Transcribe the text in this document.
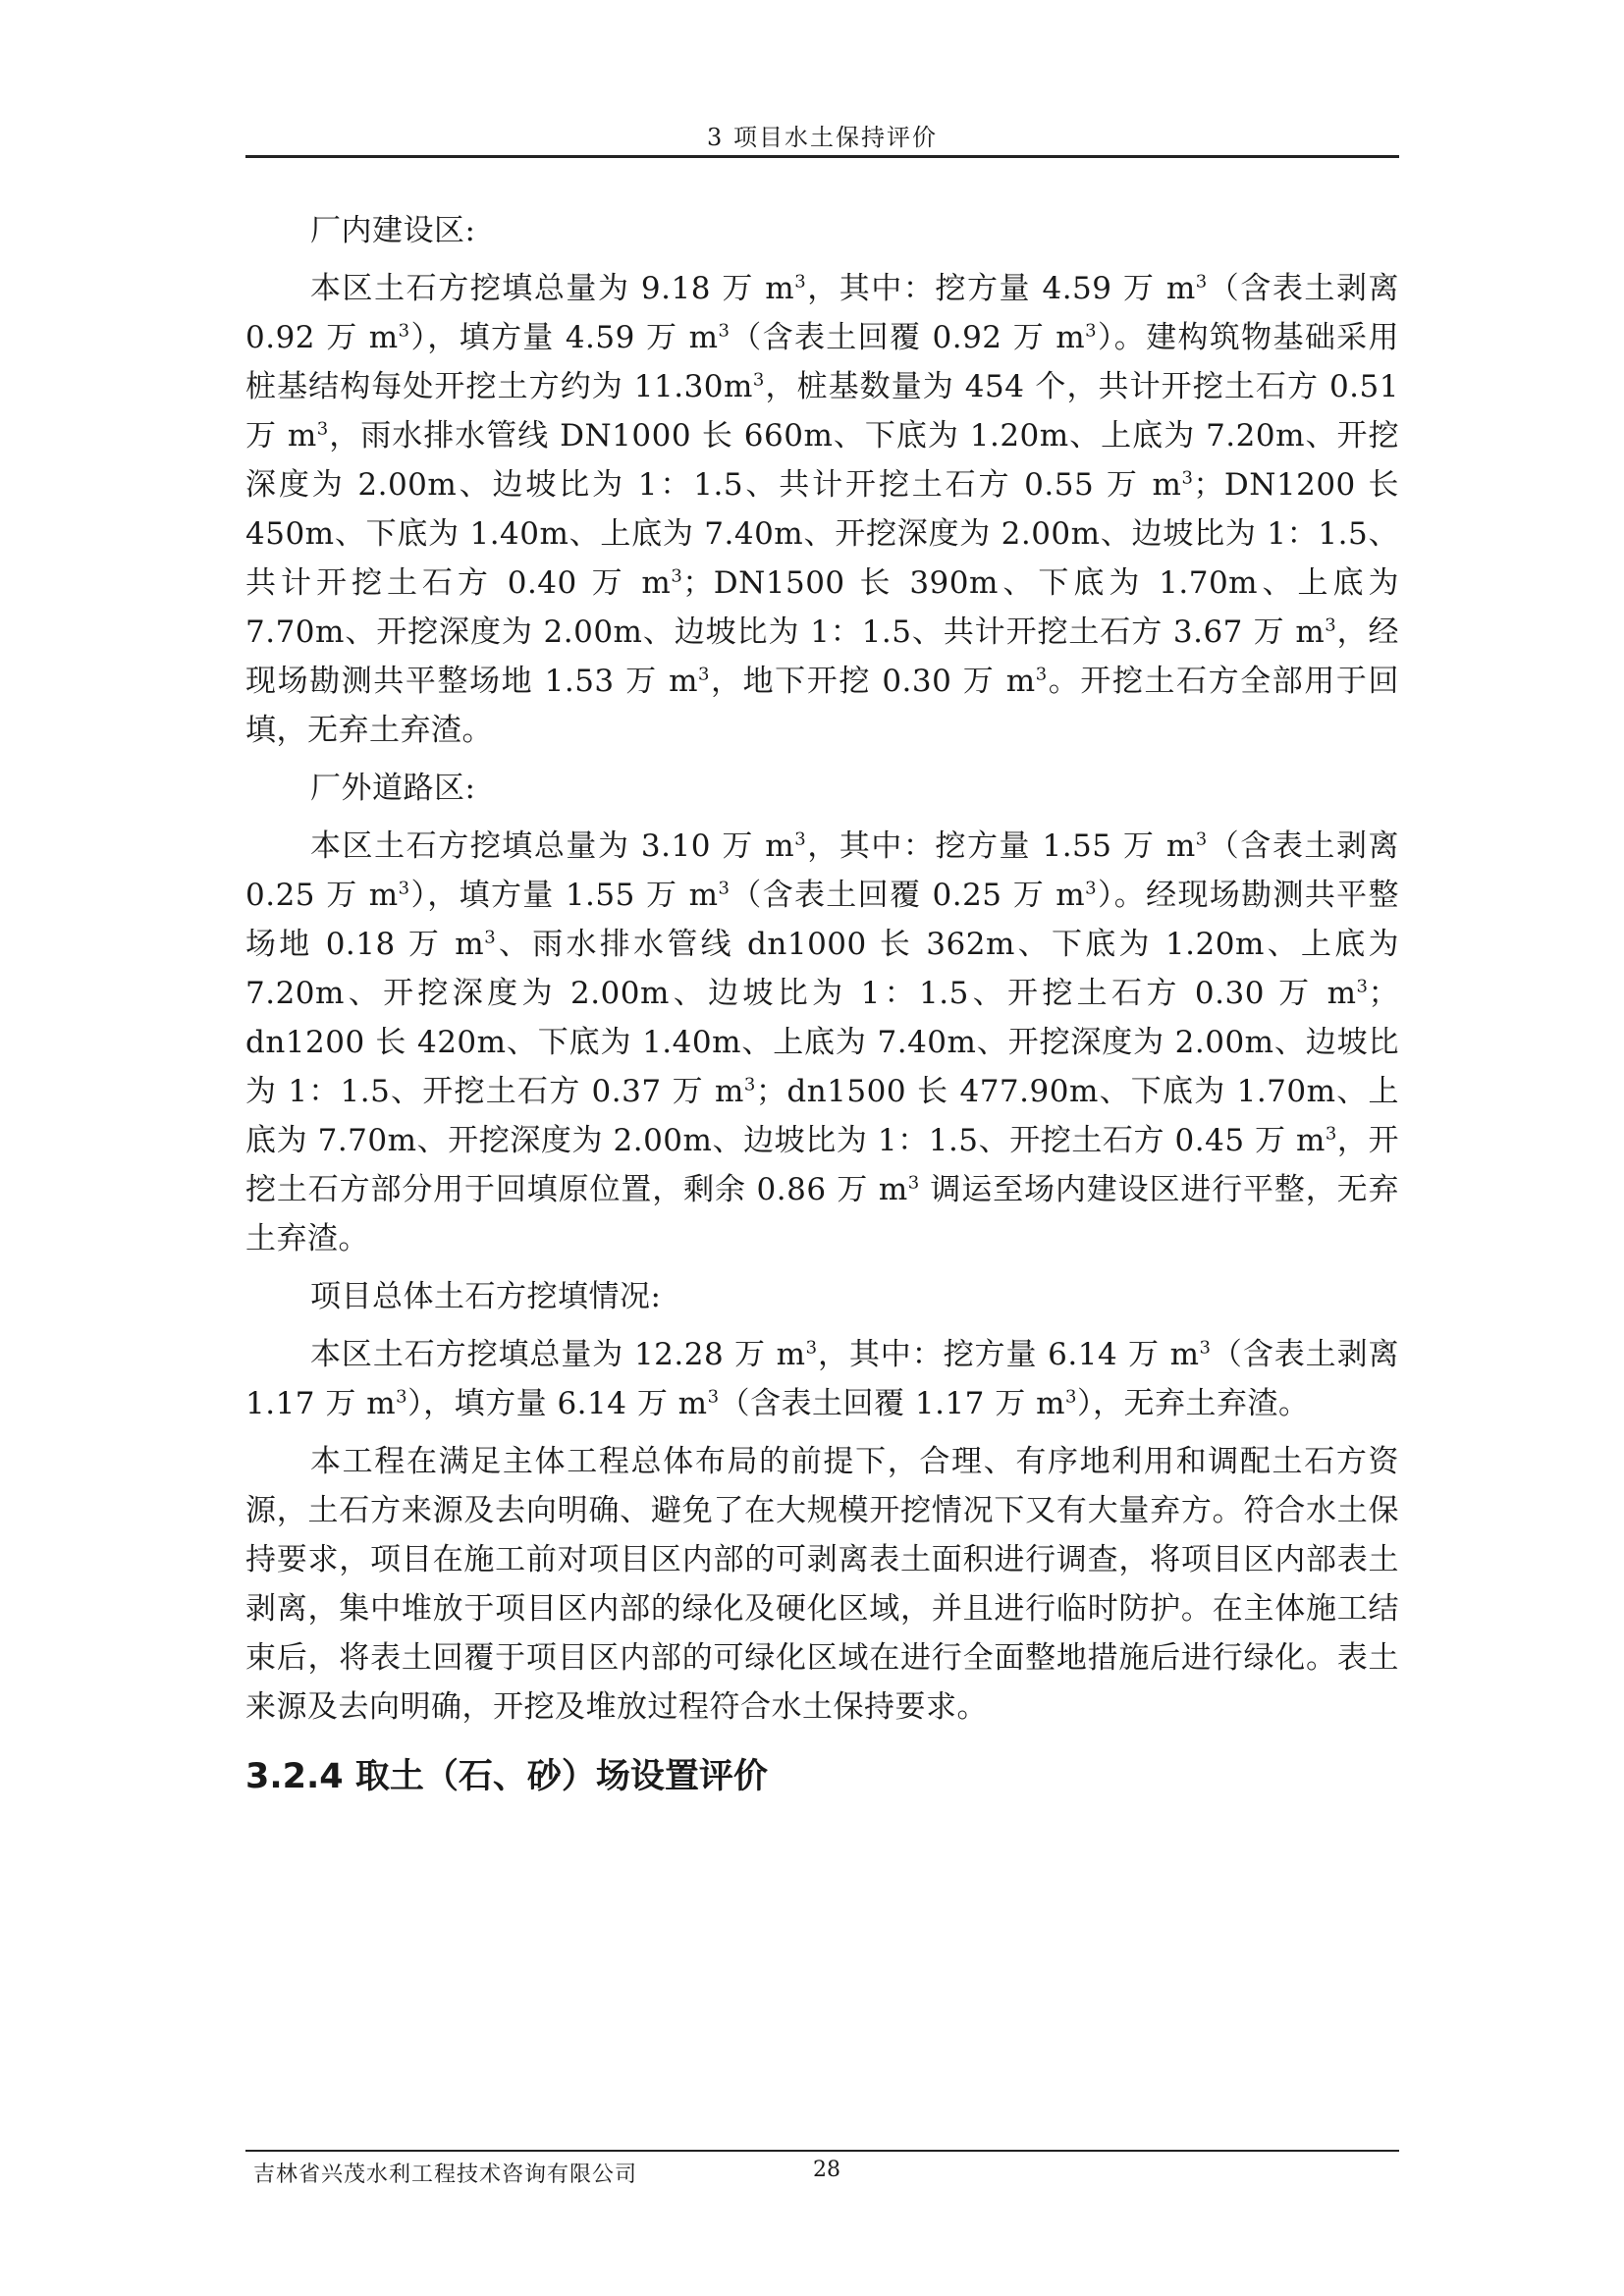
3 项目水土保持评价

厂内建设区:

本区土石方挖填总量为 9.18 万 $m^3$，其中：挖方量 4.59 万 $m^3$（含表土剥离 0.92 万 $m^3$），填方量 4.59 万 $m^3$（含表土回覆 0.92 万 $m^3$）。建构筑物基础采用桩基结构每处开挖土方约为 $11.30m^3$，桩基数量为 454 个，共计开挖土石方 0.51 万 $m^3$，雨水排水管线 DN1000 长 660m、下底为 1.20m、上底为 7.20m、开挖深度为 2.00m、边坡比为 1：1.5、共计开挖土石方 0.55 万 $m^3$；DN1200 长 450m、下底为 1.40m、上底为 7.40m、开挖深度为 2.00m、边坡比为 1：1.5、共计开挖土石方 0.40 万 $m^3$；DN1500 长 390m、下底为 1.70m、上底为 7.70m、开挖深度为 2.00m、边坡比为 1：1.5、共计开挖土石方 3.67 万 $m^3$，经现场勘测共平整场地 1.53 万 $m^3$，地下开挖 0.30 万 $m^3$。开挖土石方全部用于回填，无弃土弃渣。

厂外道路区:

本区土石方挖填总量为 3.10 万 $m^3$，其中：挖方量 1.55 万 $m^3$（含表土剥离 0.25 万 $m^3$），填方量 1.55 万 $m^3$（含表土回覆 0.25 万 $m^3$）。经现场勘测共平整场地 0.18 万 $m^3$、雨水排水管线 dn1000 长 362m、下底为 1.20m、上底为 7.20m、开挖深度为 2.00m、边坡比为 1：1.5、开挖土石方 0.30 万 $m^3$；dn1200 长 420m、下底为 1.40m、上底为 7.40m、开挖深度为 2.00m、边坡比为 1：1.5、开挖土石方 0.37 万 $m^3$；dn1500 长 477.90m、下底为 1.70m、上底为 7.70m、开挖深度为 2.00m、边坡比为 1：1.5、开挖土石方 0.45 万 $m^3$，开挖土石方部分用于回填原位置，剩余 0.86 万 $m^3$ 调运至场内建设区进行平整，无弃土弃渣。

项目总体土石方挖填情况:

本区土石方挖填总量为 12.28 万 $m^3$，其中：挖方量 6.14 万 $m^3$（含表土剥离 1.17 万 $m^3$），填方量 6.14 万 $m^3$（含表土回覆 1.17 万 $m^3$），无弃土弃渣。

本工程在满足主体工程总体布局的前提下，合理、有序地利用和调配土石方资源，土石方来源及去向明确、避免了在大规模开挖情况下又有大量弃方。符合水土保持要求，项目在施工前对项目区内部的可剥离表土面积进行调查，将项目区内部表土剥离，集中堆放于项目区内部的绿化及硬化区域，并且进行临时防护。在主体施工结束后，将表土回覆于项目区内部的可绿化区域在进行全面整地措施后进行绿化。表土来源及去向明确，开挖及堆放过程符合水土保持要求。

3.2.4 取土（石、砂）场设置评价
吉林省兴茂水利工程技术咨询有限公司	28
